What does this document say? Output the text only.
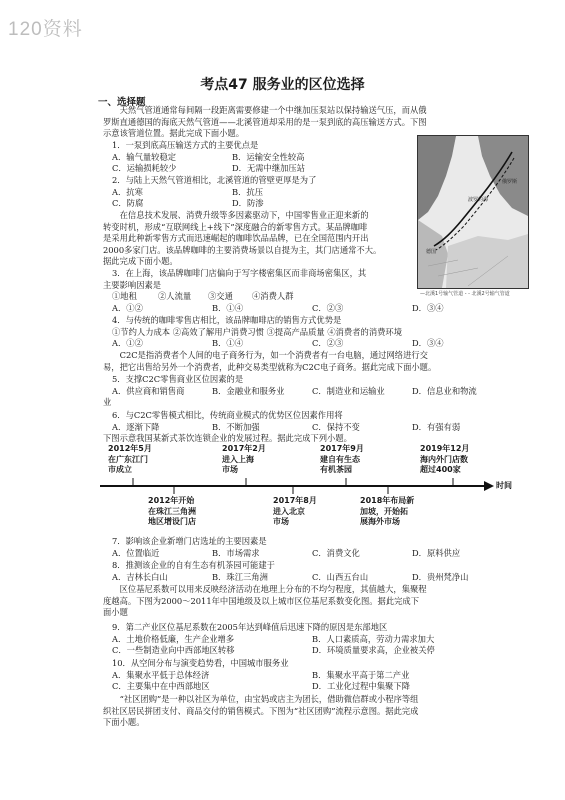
120资料
考点47 服务业的区位选择
一、选择题
天然气管道通常每间隔一段距离需要修建一个中继加压泵站以保持输送气压，而从俄
罗斯直通德国的海底天然气管道——北溪管道却采用的是一泵到底的高压输送方式。下图
示意该管道位置。据此完成下面小题。
1．一泵到底高压输送方式的主要优点是
A．输气量较稳定	B．运输安全性较高
C．运输损耗较少	D．无需中继加压站
2．与陆上天然气管道相比，北溪管道的管壁更厚是为了
A．抗寒	B．抗压
C．防腐	D．防渗
在信息技术发展、消费升级等多因素驱动下，中国零售业正迎来新的
转变时机，形成“互联网线上+线下”深度融合的新零售方式。某品牌咖啡
是采用此种新零售方式而迅速崛起的咖啡饮品品牌，已在全国范围内开出
2000多家门店。该品牌咖啡的主要消费场景以自提为主，其门店通常不大。
据此完成下面小题。
俄罗斯
波罗的海
德国
—北溪1号输气管道 - - 北溪2号输气管道
3．在上海，该品牌咖啡门店偏向于写字楼密集区而非商场密集区，其
主要影响因素是
①地租	②人流量	③交通	④消费人群
A．①②	B．①④	C．②③	D．③④
4．与传统的咖啡零售店相比，该品牌咖啡店的销售方式优势是
①节约人力成本 ②高效了解用户消费习惯 ③提高产品质量 ④消费者的消费环境
A．①②	B．①④	C．②③	D．③④
C2C是指消费者个人间的电子商务行为，如一个消费者有一台电脑，通过网络进行交
易，把它出售给另外一个消费者，此种交易类型就称为C2C电子商务。据此完成下面小题。
5．支撑C2C零售商业区位因素的是
A．供应商和销售商	B．金融业和服务业	C．制造业和运输业	D．信息业和物流
业
6．与C2C零售模式相比，传统商业模式的优势区位因素作用将
A．逐渐下降	B．不断加强	C．保持不变	D．有强有弱
下图示意我国某新式茶饮连锁企业的发展过程。据此完成下列小题。
时间
2012年5月
在广东江门
市成立
2017年2月
进入上海
市场
2017年9月
建自有生态
有机茶园
2019年12月
海内外门店数
超过400家
2012年开始
在珠江三角洲
地区增设门店
2017年8月
进入北京
市场
2018年布局新
加坡，开始拓
展海外市场
7．影响该企业新增门店选址的主要因素是
A．位置临近	B．市场需求	C．消费文化	D．原料供应
8．推测该企业的自有生态有机茶园可能建于
A．吉林长白山	B．珠江三角洲	C．山西五台山	D．贵州梵净山
区位基尼系数可以用来反映经济活动在地理上分布的不均匀程度，其值越大，集聚程
度越高。下图为2000～2011年中国地级及以上城市区位基尼系数变化图。据此完成下
面小题
9．第二产业区位基尼系数在2005年达到峰值后迅速下降的原因是东部地区
A．土地价格低廉，生产企业增多	B．人口素质高，劳动力需求加大
C．一些制造业向中西部地区转移	D．环境质量要求高，企业被关停
10．从空间分布与演变趋势看，中国城市服务业
A．集聚水平低于总体经济	B．集聚水平高于第二产业
C．主要集中在中西部地区	D．工业化过程中集聚下降
“社区团购”是一种以社区为单位，由宝妈或店主为团长，借助微信群或小程序等组
织社区居民拼团支付、商品交付的销售模式。下图为“社区团购”流程示意图。据此完成
下面小题。
